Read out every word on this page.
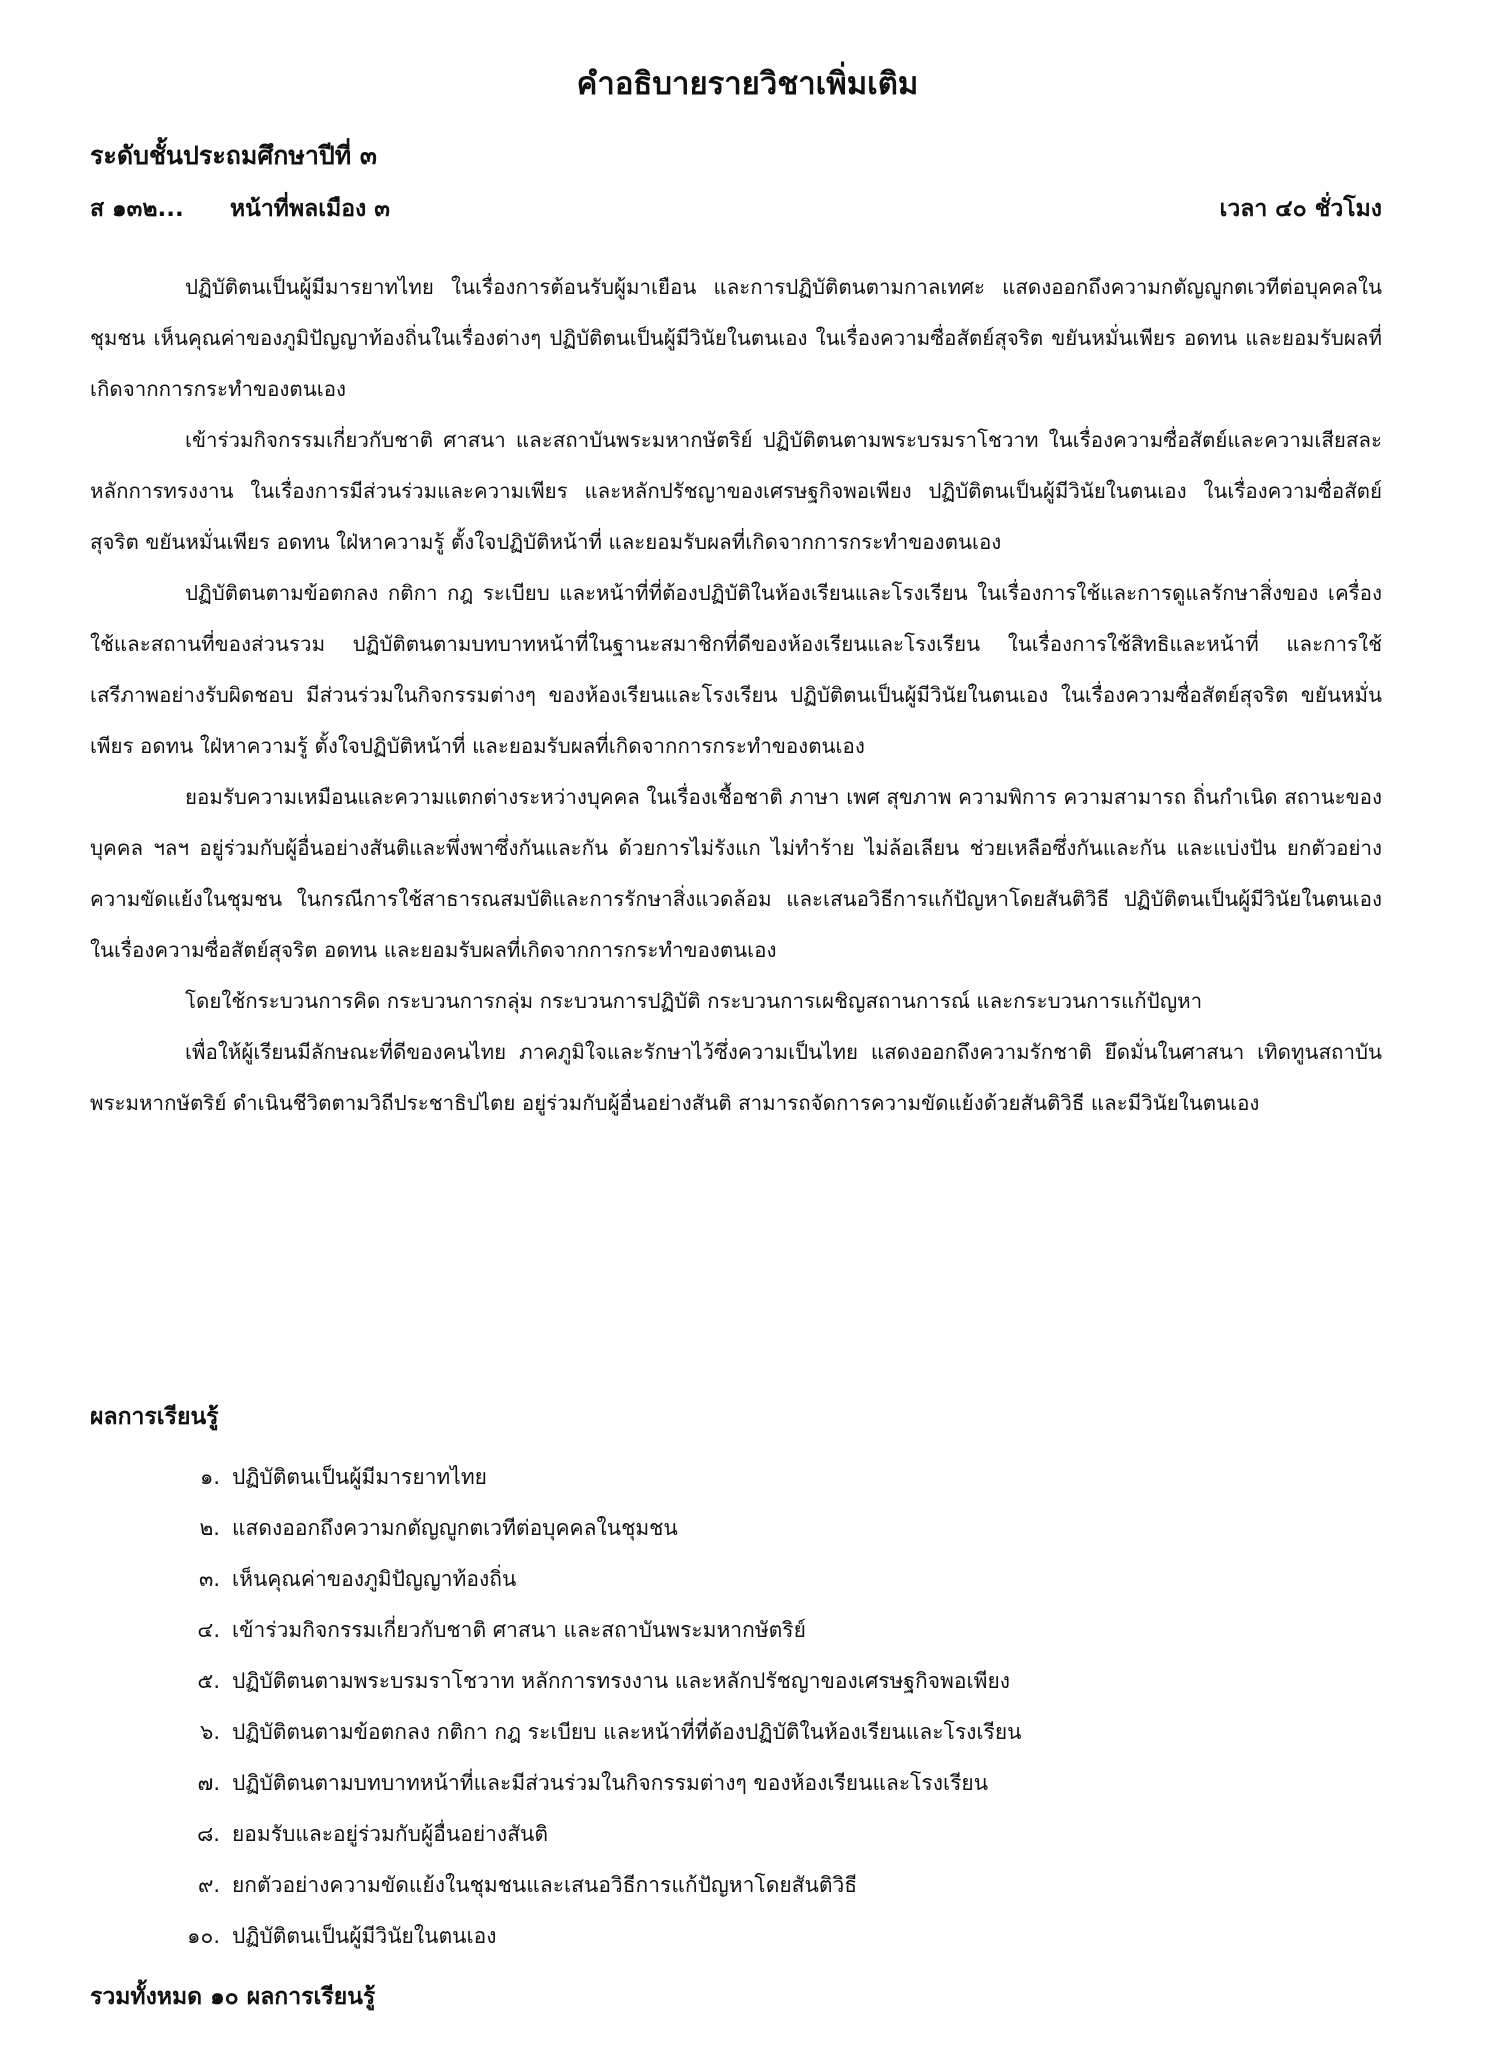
คำอธิบายรายวิชาเพิ่มเติม
ระดับชั้นประถมศึกษาปีที่ ๓
ส ๑๓๒... หน้าที่พลเมือง ๓	เวลา ๔๐ ชั่วโมง

ปฏิบัติตนเป็นผู้มีมารยาทไทย ในเรื่องการต้อนรับผู้มาเยือน และการปฏิบัติตนตามกาลเทศะ แสดงออกถึงความกตัญญูกตเวทีต่อบุคคลในชุมชน เห็นคุณค่าของภูมิปัญญาท้องถิ่นในเรื่องต่างๆ ปฏิบัติตนเป็นผู้มีวินัยในตนเอง ในเรื่องความซื่อสัตย์สุจริต ขยันหมั่นเพียร อดทน และยอมรับผลที่เกิดจากการกระทำของตนเอง

เข้าร่วมกิจกรรมเกี่ยวกับชาติ ศาสนา และสถาบันพระมหากษัตริย์ ปฏิบัติตนตามพระบรมราโชวาท ในเรื่องความซื่อสัตย์และความเสียสละ หลักการทรงงาน ในเรื่องการมีส่วนร่วมและความเพียร และหลักปรัชญาของเศรษฐกิจพอเพียง ปฏิบัติตนเป็นผู้มีวินัยในตนเอง ในเรื่องความซื่อสัตย์สุจริต ขยันหมั่นเพียร อดทน ใฝ่หาความรู้ ตั้งใจปฏิบัติหน้าที่ และยอมรับผลที่เกิดจากการกระทำของตนเอง

ปฏิบัติตนตามข้อตกลง กติกา กฎ ระเบียบ และหน้าที่ที่ต้องปฏิบัติในห้องเรียนและโรงเรียน ในเรื่องการใช้และการดูแลรักษาสิ่งของ เครื่องใช้และสถานที่ของส่วนรวม ปฏิบัติตนตามบทบาทหน้าที่ในฐานะสมาชิกที่ดีของห้องเรียนและโรงเรียน ในเรื่องการใช้สิทธิและหน้าที่ และการใช้เสรีภาพอย่างรับผิดชอบ มีส่วนร่วมในกิจกรรมต่างๆ ของห้องเรียนและโรงเรียน ปฏิบัติตนเป็นผู้มีวินัยในตนเอง ในเรื่องความซื่อสัตย์สุจริต ขยันหมั่นเพียร อดทน ใฝ่หาความรู้ ตั้งใจปฏิบัติหน้าที่ และยอมรับผลที่เกิดจากการกระทำของตนเอง

ยอมรับความเหมือนและความแตกต่างระหว่างบุคคล ในเรื่องเชื้อชาติ ภาษา เพศ สุขภาพ ความพิการ ความสามารถ ถิ่นกำเนิด สถานะของบุคคล ฯลฯ อยู่ร่วมกับผู้อื่นอย่างสันติและพึ่งพาซึ่งกันและกัน ด้วยการไม่รังแก ไม่ทำร้าย ไม่ล้อเลียน ช่วยเหลือซึ่งกันและกัน และแบ่งปัน ยกตัวอย่างความขัดแย้งในชุมชน ในกรณีการใช้สาธารณสมบัติและการรักษาสิ่งแวดล้อม และเสนอวิธีการแก้ปัญหาโดยสันติวิธี ปฏิบัติตนเป็นผู้มีวินัยในตนเอง ในเรื่องความซื่อสัตย์สุจริต อดทน และยอมรับผลที่เกิดจากการกระทำของตนเอง

โดยใช้กระบวนการคิด กระบวนการกลุ่ม กระบวนการปฏิบัติ กระบวนการเผชิญสถานการณ์ และกระบวนการแก้ปัญหา

เพื่อให้ผู้เรียนมีลักษณะที่ดีของคนไทย ภาคภูมิใจและรักษาไว้ซึ่งความเป็นไทย แสดงออกถึงความรักชาติ ยึดมั่นในศาสนา เทิดทูนสถาบันพระมหากษัตริย์ ดำเนินชีวิตตามวิถีประชาธิปไตย อยู่ร่วมกับผู้อื่นอย่างสันติ สามารถจัดการความขัดแย้งด้วยสันติวิธี และมีวินัยในตนเอง

ผลการเรียนรู้
๑. ปฏิบัติตนเป็นผู้มีมารยาทไทย
๒. แสดงออกถึงความกตัญญูกตเวทีต่อบุคคลในชุมชน
๓. เห็นคุณค่าของภูมิปัญญาท้องถิ่น
๔. เข้าร่วมกิจกรรมเกี่ยวกับชาติ ศาสนา และสถาบันพระมหากษัตริย์
๕. ปฏิบัติตนตามพระบรมราโชวาท หลักการทรงงาน และหลักปรัชญาของเศรษฐกิจพอเพียง
๖. ปฏิบัติตนตามข้อตกลง กติกา กฎ ระเบียบ และหน้าที่ที่ต้องปฏิบัติในห้องเรียนและโรงเรียน
๗. ปฏิบัติตนตามบทบาทหน้าที่และมีส่วนร่วมในกิจกรรมต่างๆ ของห้องเรียนและโรงเรียน
๘. ยอมรับและอยู่ร่วมกับผู้อื่นอย่างสันติ
๙. ยกตัวอย่างความขัดแย้งในชุมชนและเสนอวิธีการแก้ปัญหาโดยสันติวิธี
๑๐. ปฏิบัติตนเป็นผู้มีวินัยในตนเอง
รวมทั้งหมด ๑๐ ผลการเรียนรู้
